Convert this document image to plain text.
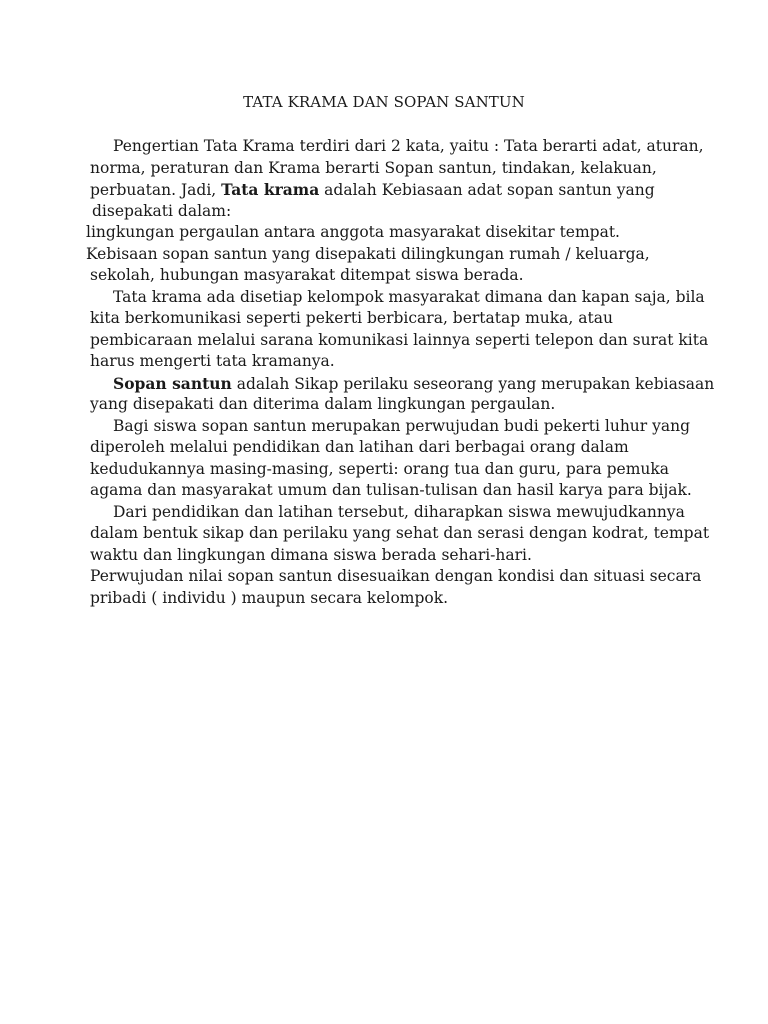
TATA KRAMA DAN SOPAN SANTUN
Pengertian Tata Krama terdiri dari 2 kata, yaitu : Tata berarti adat, aturan,
norma, peraturan dan Krama berarti Sopan santun, tindakan, kelakuan,
perbuatan. Jadi, Tata krama adalah Kebiasaan adat sopan santun yang
disepakati dalam:
lingkungan pergaulan antara anggota masyarakat disekitar tempat.
Kebisaan sopan santun yang disepakati dilingkungan rumah / keluarga,
sekolah, hubungan masyarakat ditempat siswa berada.
Tata krama ada disetiap kelompok masyarakat dimana dan kapan saja, bila
kita berkomunikasi seperti pekerti berbicara, bertatap muka, atau
pembicaraan melalui sarana komunikasi lainnya seperti telepon dan surat kita
harus mengerti tata kramanya.
Sopan santun adalah Sikap perilaku seseorang yang merupakan kebiasaan
yang disepakati dan diterima dalam lingkungan pergaulan.
Bagi siswa sopan santun merupakan perwujudan budi pekerti luhur yang
diperoleh melalui pendidikan dan latihan dari berbagai orang dalam
kedudukannya masing-masing, seperti: orang tua dan guru, para pemuka
agama dan masyarakat umum dan tulisan-tulisan dan hasil karya para bijak.
Dari pendidikan dan latihan tersebut, diharapkan siswa mewujudkannya
dalam bentuk sikap dan perilaku yang sehat dan serasi dengan kodrat, tempat
waktu dan lingkungan dimana siswa berada sehari-hari.
Perwujudan nilai sopan santun disesuaikan dengan kondisi dan situasi secara
pribadi ( individu ) maupun secara kelompok.
